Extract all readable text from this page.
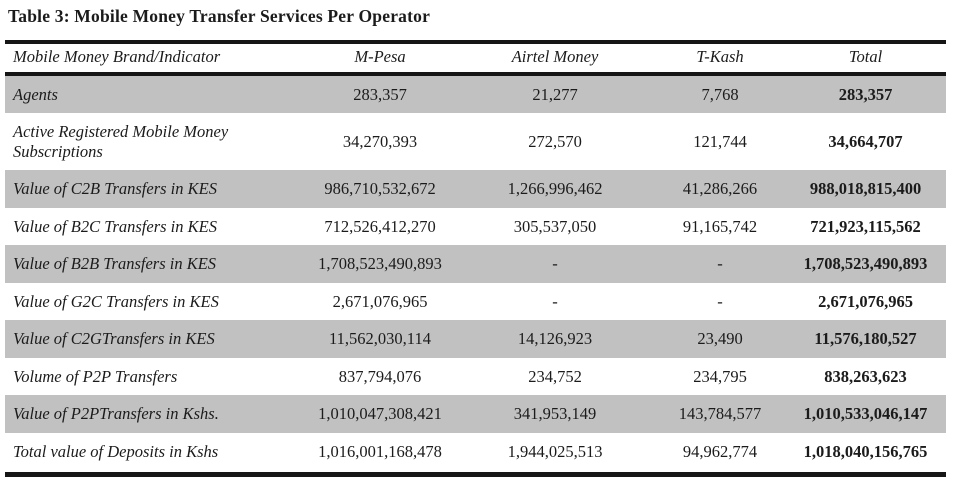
Table 3: Mobile Money Transfer Services Per Operator
Mobile Money Brand/Indicator	M-Pesa	Airtel Money	T-Kash	Total
Agents	283,357	21,277	7,768	283,357
Active Registered Mobile Money Subscriptions	34,270,393	272,570	121,744	34,664,707
Value of C2B Transfers in KES	986,710,532,672	1,266,996,462	41,286,266	988,018,815,400
Value of B2C Transfers in KES	712,526,412,270	305,537,050	91,165,742	721,923,115,562
Value of B2B Transfers in KES	1,708,523,490,893	-	-	1,708,523,490,893
Value of G2C Transfers in KES	2,671,076,965	-	-	2,671,076,965
Value of C2GTransfers in KES	11,562,030,114	14,126,923	23,490	11,576,180,527
Volume of P2P Transfers	837,794,076	234,752	234,795	838,263,623
Value of P2PTransfers in Kshs.	1,010,047,308,421	341,953,149	143,784,577	1,010,533,046,147
Total value of Deposits in Kshs	1,016,001,168,478	1,944,025,513	94,962,774	1,018,040,156,765
